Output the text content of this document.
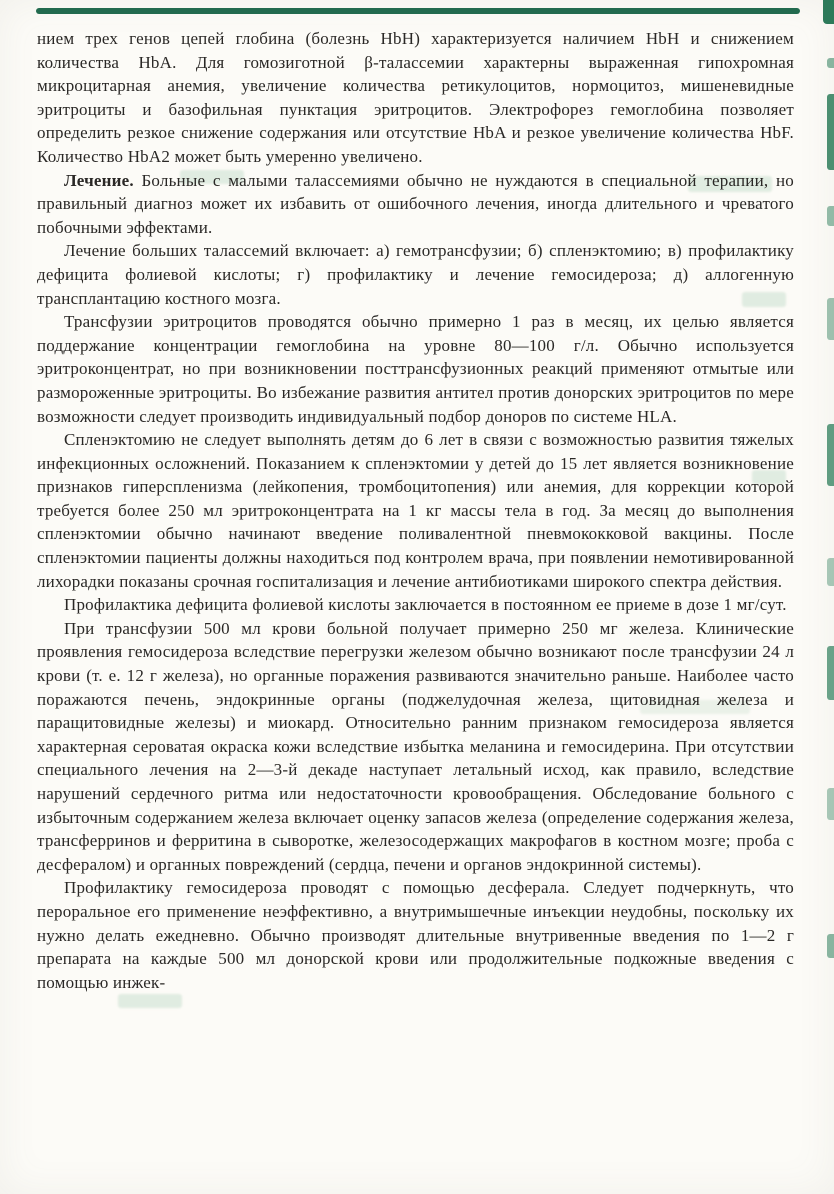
нием трех генов цепей глобина (болезнь HbH) характеризуется наличием HbH и снижением количества HbA. Для гомозиготной β-талассемии характерны выраженная гипохромная микроцитарная анемия, увеличение количества ретикулоцитов, нормоцитоз, мишеневидные эритроциты и базофильная пунктация эритроцитов. Электрофорез гемоглобина позволяет определить резкое снижение содержания или отсутствие HbA и резкое увеличение количества HbF. Количество HbA2 может быть умеренно увеличено.

Лечение. Больные с малыми талассемиями обычно не нуждаются в специальной терапии, но правильный диагноз может их избавить от ошибочного лечения, иногда длительного и чреватого побочными эффектами.

Лечение больших талассемий включает: а) гемотрансфузии; б) спленэктомию; в) профилактику дефицита фолиевой кислоты; г) профилактику и лечение гемосидероза; д) аллогенную трансплантацию костного мозга.

Трансфузии эритроцитов проводятся обычно примерно 1 раз в месяц, их целью является поддержание концентрации гемоглобина на уровне 80—100 г/л. Обычно используется эритроконцентрат, но при возникновении посттрансфузионных реакций применяют отмытые или размороженные эритроциты. Во избежание развития антител против донорских эритроцитов по мере возможности следует производить индивидуальный подбор доноров по системе HLA.

Спленэктомию не следует выполнять детям до 6 лет в связи с возможностью развития тяжелых инфекционных осложнений. Показанием к спленэктомии у детей до 15 лет является возникновение признаков гиперспленизма (лейкопения, тромбоцитопения) или анемия, для коррекции которой требуется более 250 мл эритроконцентрата на 1 кг массы тела в год. За месяц до выполнения спленэктомии обычно начинают введение поливалентной пневмококковой вакцины. После спленэктомии пациенты должны находиться под контролем врача, при появлении немотивированной лихорадки показаны срочная госпитализация и лечение антибиотиками широкого спектра действия.

Профилактика дефицита фолиевой кислоты заключается в постоянном ее приеме в дозе 1 мг/сут.

При трансфузии 500 мл крови больной получает примерно 250 мг железа. Клинические проявления гемосидероза вследствие перегрузки железом обычно возникают после трансфузии 24 л крови (т. е. 12 г железа), но органные поражения развиваются значительно раньше. Наиболее часто поражаются печень, эндокринные органы (поджелудочная железа, щитовидная железа и паращитовидные железы) и миокард. Относительно ранним признаком гемосидероза является характерная сероватая окраска кожи вследствие избытка меланина и гемосидерина. При отсутствии специального лечения на 2—3-й декаде наступает летальный исход, как правило, вследствие нарушений сердечного ритма или недостаточности кровообращения. Обследование больного с избыточным содержанием железа включает оценку запасов железа (определение содержания железа, трансферринов и ферритина в сыворотке, железосодержащих макрофагов в костном мозге; проба с десфералом) и органных повреждений (сердца, печени и органов эндокринной системы).

Профилактику гемосидероза проводят с помощью десферала. Следует подчеркнуть, что пероральное его применение неэффективно, а внутримышечные инъекции неудобны, поскольку их нужно делать ежедневно. Обычно производят длительные внутривенные введения по 1—2 г препарата на каждые 500 мл донорской крови или продолжительные подкожные введения с помощью инжек-
